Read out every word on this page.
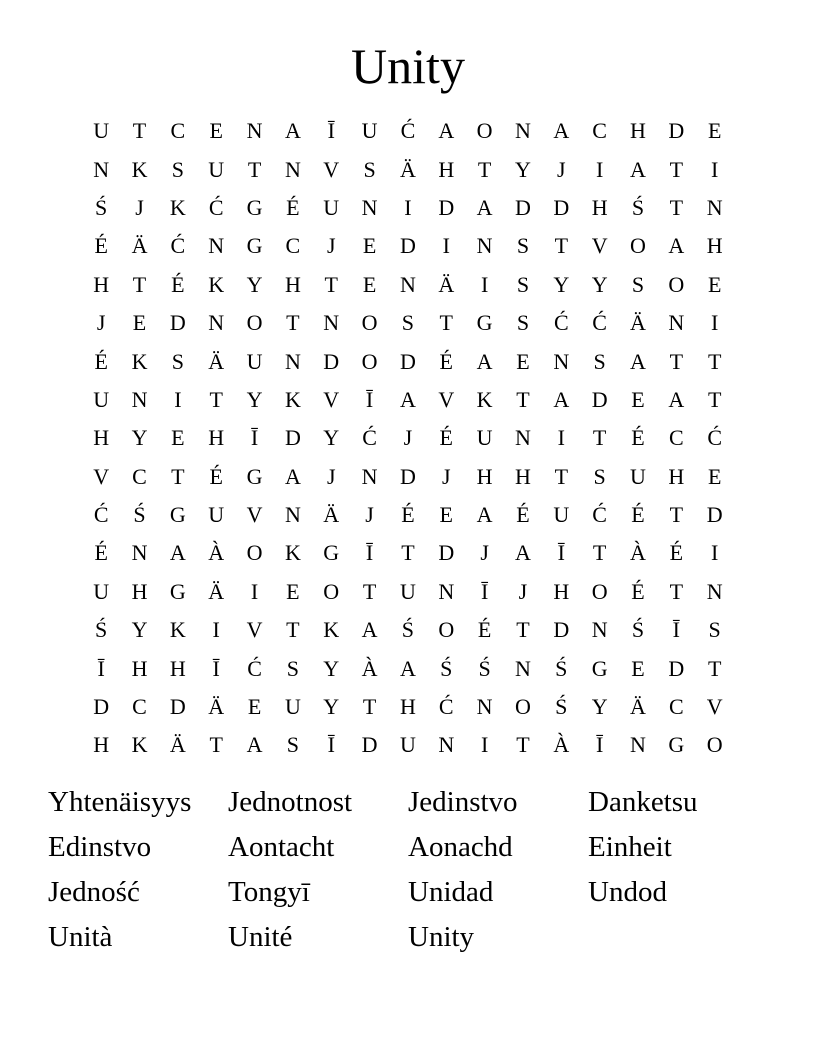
Unity
U	T	C	E	N	A	Ī	U	Ć	A	O	N	A	C	H	D	E
N	K	S	U	T	N	V	S	Ä	H	T	Y	J	I	A	T	I
Ś	J	K	Ć	G	É	U	N	I	D	A	D	D	H	Ś	T	N
É	Ä	Ć	N	G	C	J	E	D	I	N	S	T	V	O	A	H
H	T	É	K	Y	H	T	E	N	Ä	I	S	Y	Y	S	O	E
J	E	D	N	O	T	N	O	S	T	G	S	Ć	Ć	Ä	N	I
É	K	S	Ä	U	N	D	O	D	É	A	E	N	S	A	T	T
U	N	I	T	Y	K	V	Ī	A	V	K	T	A	D	E	A	T
H	Y	E	H	Ī	D	Y	Ć	J	É	U	N	I	T	É	C	Ć
V	C	T	É	G	A	J	N	D	J	H	H	T	S	U	H	E
Ć	Ś	G	U	V	N	Ä	J	É	E	A	É	U	Ć	É	T	D
É	N	A	À	O	K	G	Ī	T	D	J	A	Ī	T	À	É	I
U	H	G	Ä	I	E	O	T	U	N	Ī	J	H	O	É	T	N
Ś	Y	K	I	V	T	K	A	Ś	O	É	T	D	N	Ś	Ī	S
Ī	H	H	Ī	Ć	S	Y	À	A	Ś	Ś	N	Ś	G	E	D	T
D	C	D	Ä	E	U	Y	T	H	Ć	N	O	Ś	Y	Ä	C	V
H	K	Ä	T	A	S	Ī	D	U	N	I	T	À	Ī	N	G	O
Yhtenäisyys	Jednotnost	Jedinstvo	Danketsu
Edinstvo	Aontacht	Aonachd	Einheit
Jedność	Tongyī	Unidad	Undod
Unità	Unité	Unity
